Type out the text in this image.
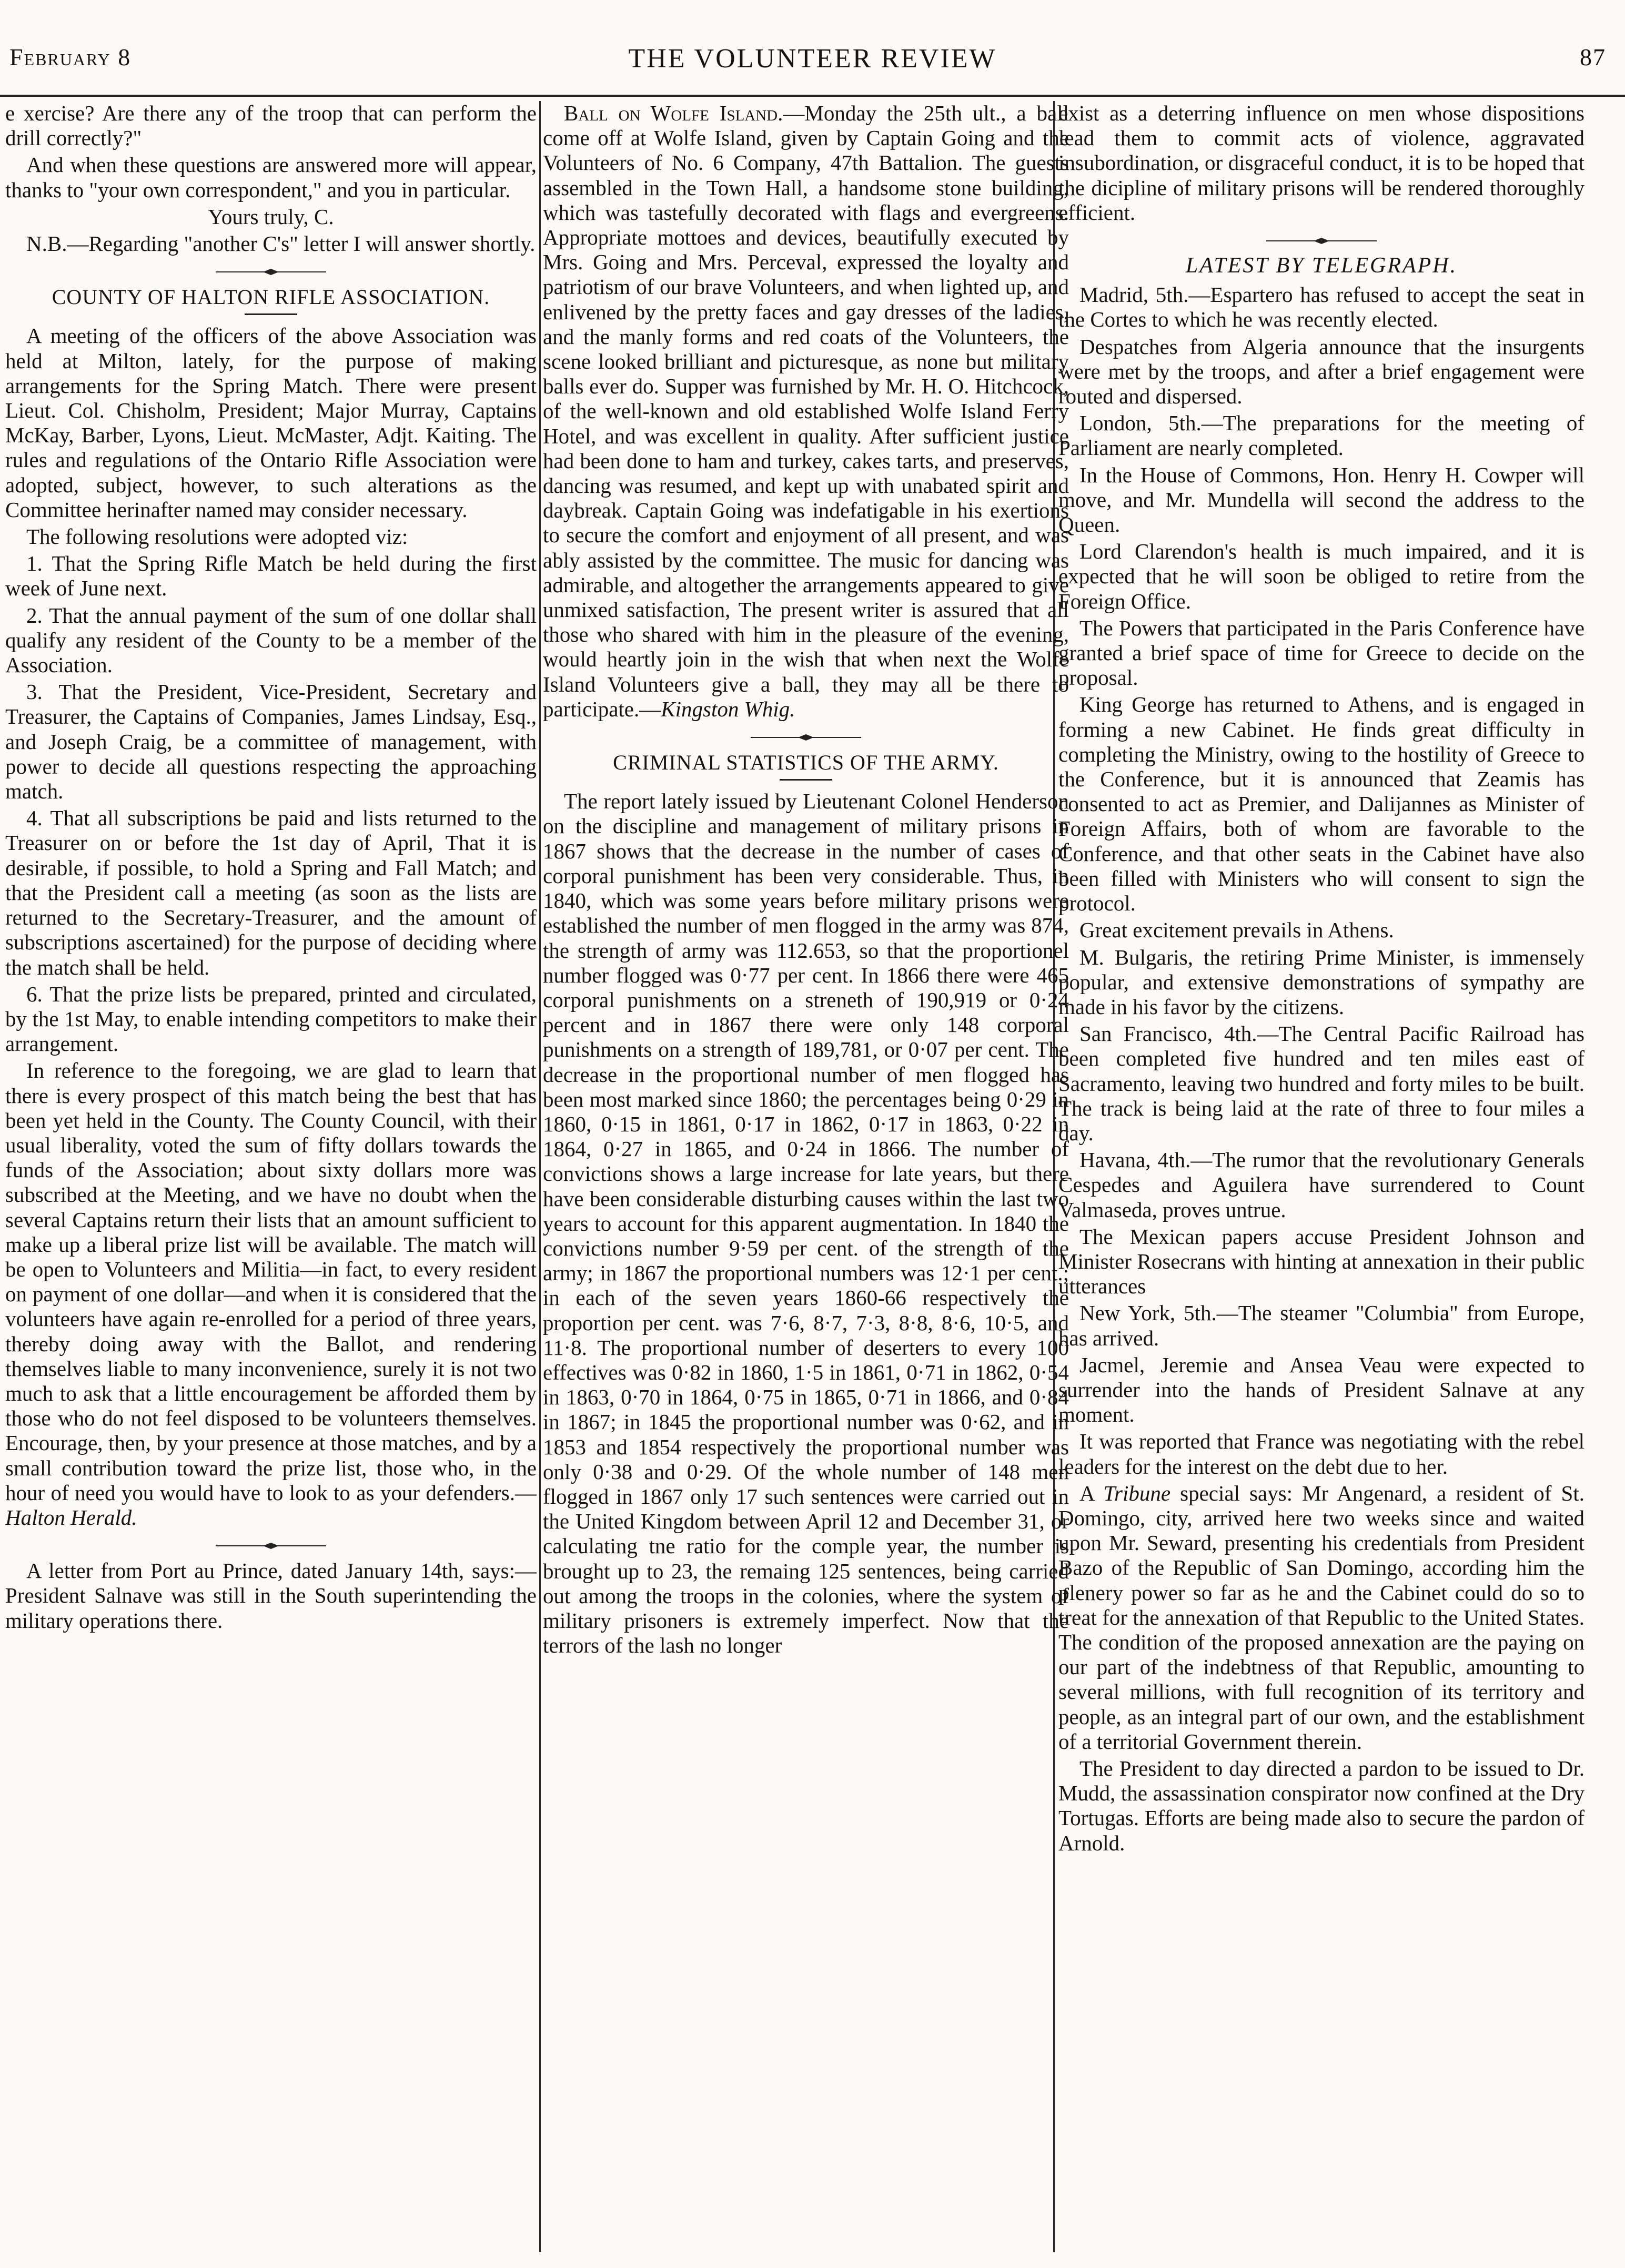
February 8	THE VOLUNTEER REVIEW	87

e xercise? Are there any of the troop that can perform the drill correctly?"

And when these questions are answered more will appear, thanks to "your own correspondent," and you in particular.

Yours truly, C.

N.B.—Regarding "another C's" letter I will answer shortly.

COUNTY OF HALTON RIFLE ASSOCIATION.

A meeting of the officers of the above Association was held at Milton, lately, for the purpose of making arrangements for the Spring Match. There were present Lieut. Col. Chisholm, President; Major Murray, Captains McKay, Barber, Lyons, Lieut. McMaster, Adjt. Kaiting. The rules and regulations of the Ontario Rifle Association were adopted, subject, however, to such alterations as the Committee herinafter named may consider necessary.

The following resolutions were adopted viz:

1. That the Spring Rifle Match be held during the first week of June next.

2. That the annual payment of the sum of one dollar shall qualify any resident of the County to be a member of the Association.

3. That the President, Vice-President, Secretary and Treasurer, the Captains of Companies, James Lindsay, Esq., and Joseph Craig, be a committee of management, with power to decide all questions respecting the approaching match.

4. That all subscriptions be paid and lists returned to the Treasurer on or before the 1st day of April, That it is desirable, if possible, to hold a Spring and Fall Match; and that the President call a meeting (as soon as the lists are returned to the Secretary-Treasurer, and the amount of subscriptions ascertained) for the purpose of deciding where the match shall be held.

6. That the prize lists be prepared, printed and circulated, by the 1st May, to enable intending competitors to make their arrangement.

In reference to the foregoing, we are glad to learn that there is every prospect of this match being the best that has been yet held in the County. The County Council, with their usual liberality, voted the sum of fifty dollars towards the funds of the Association; about sixty dollars more was subscribed at the Meeting, and we have no doubt when the several Captains return their lists that an amount sufficient to make up a liberal prize list will be available. The match will be open to Volunteers and Militia—in fact, to every resident on payment of one dollar—and when it is considered that the volunteers have again re-enrolled for a period of three years, thereby doing away with the Ballot, and rendering themselves liable to many inconvenience, surely it is not two much to ask that a little encouragement be afforded them by those who do not feel disposed to be volunteers themselves. Encourage, then, by your presence at those matches, and by a small contribution toward the prize list, those who, in the hour of need you would have to look to as your defenders.—Halton Herald.

A letter from Port au Prince, dated January 14th, says:—President Salnave was still in the South superintending the military operations there.

Ball on Wolfe Island.—Monday the 25th ult., a ball come off at Wolfe Island, given by Captain Going and the Volunteers of No. 6 Company, 47th Battalion. The guests assembled in the Town Hall, a handsome stone building, which was tastefully decorated with flags and evergreens. Appropriate mottoes and devices, beautifully executed by Mrs. Going and Mrs. Perceval, expressed the loyalty and patriotism of our brave Volunteers, and when lighted up, and enlivened by the pretty faces and gay dresses of the ladies, and the manly forms and red coats of the Volunteers, the scene looked brilliant and picturesque, as none but military balls ever do. Supper was furnished by Mr. H. O. Hitchcock, of the well-known and old established Wolfe Island Ferry Hotel, and was excellent in quality. After sufficient justice had been done to ham and turkey, cakes tarts, and preserves, dancing was resumed, and kept up with unabated spirit and daybreak. Captain Going was indefatigable in his exertions to secure the comfort and enjoyment of all present, and was ably assisted by the committee. The music for dancing was admirable, and altogether the arrangements appeared to give unmixed satisfaction, The present writer is assured that all those who shared with him in the pleasure of the evening, would heartly join in the wish that when next the Wolfe Island Volunteers give a ball, they may all be there to participate.—Kingston Whig.

CRIMINAL STATISTICS OF THE ARMY.

The report lately issued by Lieutenant Colonel Henderson on the discipline and management of military prisons in 1867 shows that the decrease in the number of cases of corporal punishment has been very considerable. Thus, in 1840, which was some years before military prisons were established the number of men flogged in the army was 874, the strength of army was 112.653, so that the proportionel number flogged was 0·77 per cent. In 1866 there were 465 corporal punishments on a streneth of 190,919 or 0·24 percent and in 1867 there were only 148 corporal punishments on a strength of 189,781, or 0·07 per cent. The decrease in the proportional number of men flogged has been most marked since 1860; the percentages being 0·29 in 1860, 0·15 in 1861, 0·17 in 1862, 0·17 in 1863, 0·22 in 1864, 0·27 in 1865, and 0·24 in 1866. The number of convictions shows a large increase for late years, but there have been considerable disturbing causes within the last two years to account for this apparent augmentation. In 1840 the convictions number 9·59 per cent. of the strength of the army; in 1867 the proportional numbers was 12·1 per cent.; in each of the seven years 1860-66 respectively the proportion per cent. was 7·6, 8·7, 7·3, 8·8, 8·6, 10·5, and 11·8. The proportional number of deserters to every 100 effectives was 0·82 in 1860, 1·5 in 1861, 0·71 in 1862, 0·54 in 1863, 0·70 in 1864, 0·75 in 1865, 0·71 in 1866, and 0·84 in 1867; in 1845 the proportional number was 0·62, and in 1853 and 1854 respectively the proportional number was only 0·38 and 0·29. Of the whole number of 148 men flogged in 1867 only 17 such sentences were carried out in the United Kingdom between April 12 and December 31, or calculating tne ratio for the comple year, the number is brought up to 23, the remaing 125 sentences, being carried out among the troops in the colonies, where the system of military prisoners is extremely imperfect. Now that the terrors of the lash no longer

exist as a deterring influence on men whose dispositions lead them to commit acts of violence, aggravated insubordination, or disgraceful conduct, it is to be hoped that the dicipline of military prisons will be rendered thoroughly efficient.

LATEST BY TELEGRAPH.

Madrid, 5th.—Espartero has refused to accept the seat in the Cortes to which he was recently elected.

Despatches from Algeria announce that the insurgents were met by the troops, and after a brief engagement were routed and dispersed.

London, 5th.—The preparations for the meeting of Parliament are nearly completed.

In the House of Commons, Hon. Henry H. Cowper will move, and Mr. Mundella will second the address to the Queen.

Lord Clarendon's health is much impaired, and it is expected that he will soon be obliged to retire from the Foreign Office.

The Powers that participated in the Paris Conference have granted a brief space of time for Greece to decide on the proposal.

King George has returned to Athens, and is engaged in forming a new Cabinet. He finds great difficulty in completing the Ministry, owing to the hostility of Greece to the Conference, but it is announced that Zeamis has consented to act as Premier, and Dalijannes as Minister of Foreign Affairs, both of whom are favorable to the Conference, and that other seats in the Cabinet have also been filled with Ministers who will consent to sign the protocol.

Great excitement prevails in Athens.

M. Bulgaris, the retiring Prime Minister, is immensely popular, and extensive demonstrations of sympathy are made in his favor by the citizens.

San Francisco, 4th.—The Central Pacific Railroad has been completed five hundred and ten miles east of Sacramento, leaving two hundred and forty miles to be built. The track is being laid at the rate of three to four miles a day.

Havana, 4th.—The rumor that the revolutionary Generals Cespedes and Aguilera have surrendered to Count Valmaseda, proves untrue.

The Mexican papers accuse President Johnson and Minister Rosecrans with hinting at annexation in their public utterances

New York, 5th.—The steamer "Columbia" from Europe, has arrived.

Jacmel, Jeremie and Ansea Veau were expected to surrender into the hands of President Salnave at any moment.

It was reported that France was negotiating with the rebel leaders for the interest on the debt due to her.

A Tribune special says: Mr Angenard, a resident of St. Domingo, city, arrived here two weeks since and waited upon Mr. Seward, presenting his credentials from President Bazo of the Republic of San Domingo, according him the plenery power so far as he and the Cabinet could do so to treat for the annexation of that Republic to the United States. The condition of the proposed annexation are the paying on our part of the indebtness of that Republic, amounting to several millions, with full recognition of its territory and people, as an integral part of our own, and the establishment of a territorial Government therein.

The President to day directed a pardon to be issued to Dr. Mudd, the assassination conspirator now confined at the Dry Tortugas. Efforts are being made also to secure the pardon of Arnold.
